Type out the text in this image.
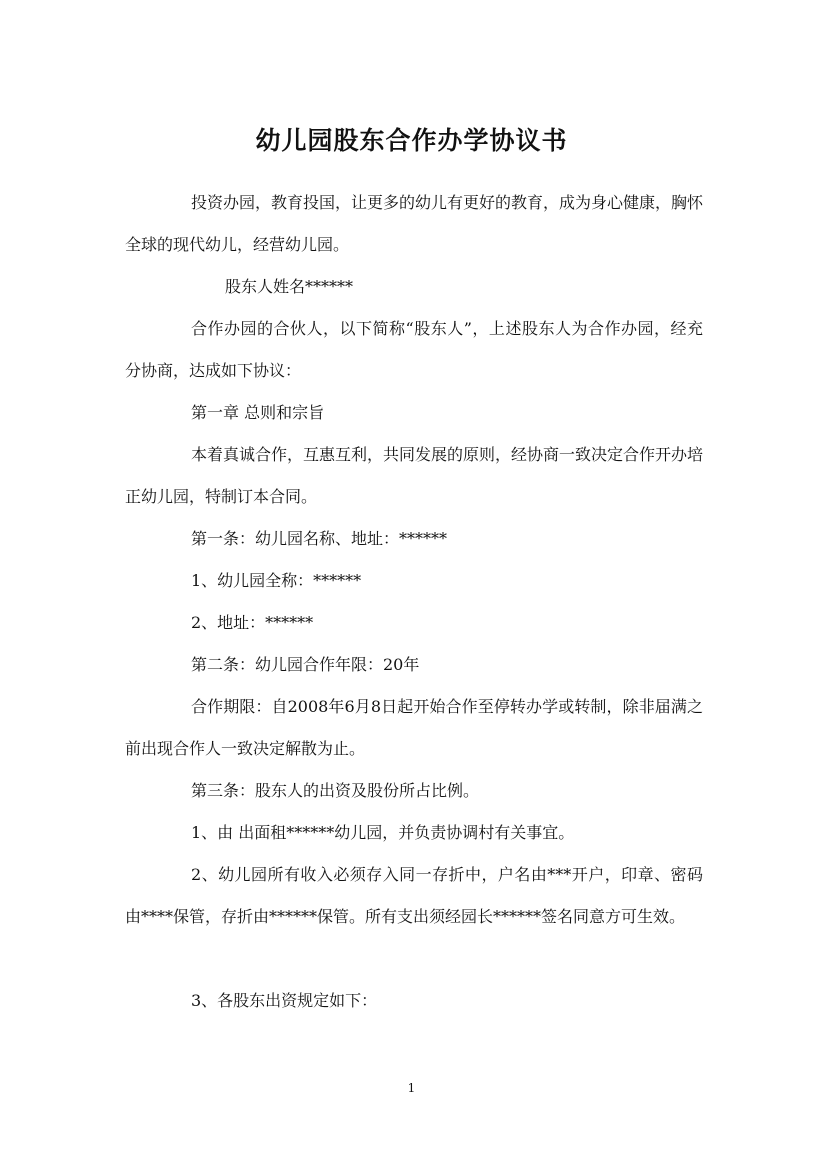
幼儿园股东合作办学协议书

投资办园，教育投国，让更多的幼儿有更好的教育，成为身心健康，胸怀全球的现代幼儿，经营幼儿园。

股东人姓名******

合作办园的合伙人，以下简称“股东人”，上述股东人为合作办园，经充分协商，达成如下协议：

第一章 总则和宗旨

本着真诚合作，互惠互利，共同发展的原则，经协商一致决定合作开办培正幼儿园，特制订本合同。

第一条：幼儿园名称、地址：******

1、幼儿园全称：******

2、地址：******

第二条：幼儿园合作年限：20年

合作期限：自2008年6月8日起开始合作至停转办学或转制，除非届满之前出现合作人一致决定解散为止。

第三条：股东人的出资及股份所占比例。

1、由 出面租******幼儿园，并负责协调村有关事宜。

2、幼儿园所有收入必须存入同一存折中，户名由***开户，印章、密码由****保管，存折由******保管。所有支出须经园长******签名同意方可生效。

3、各股东出资规定如下：

1
